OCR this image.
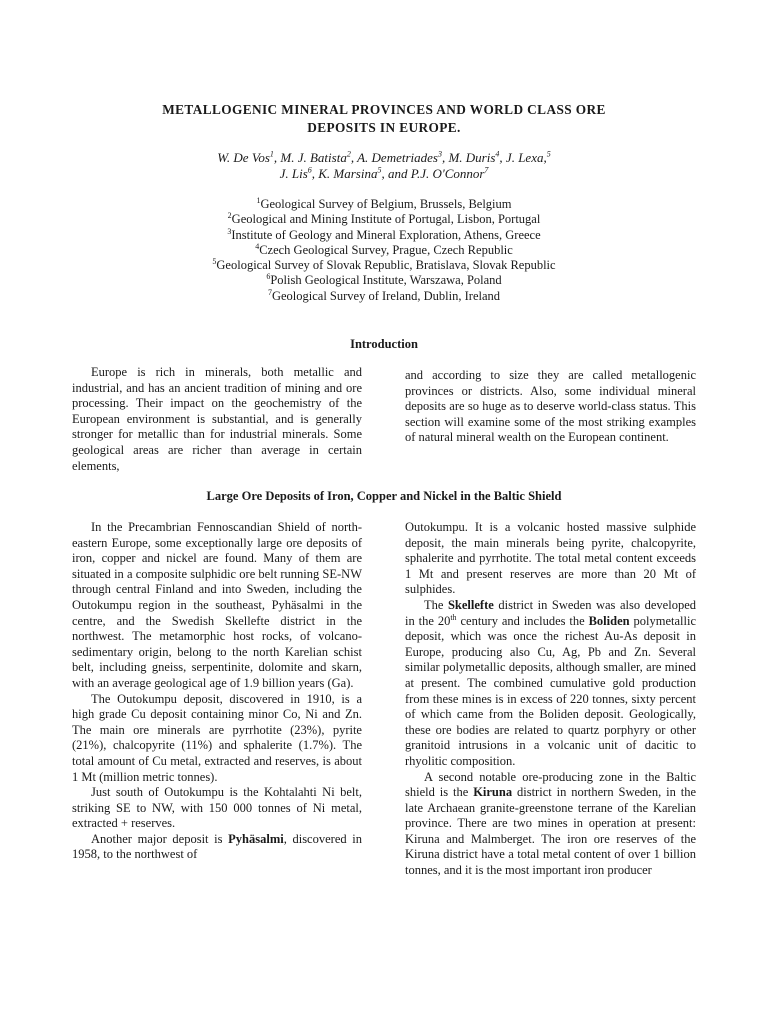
METALLOGENIC MINERAL PROVINCES AND WORLD CLASS ORE
DEPOSITS IN EUROPE.
W. De Vos$^1$, M. J. Batista$^2$, A. Demetriades$^3$, M. Duris$^4$, J. Lexa,$^5$
J. Lis$^6$, K. Marsina$^5$, and P.J. O'Connor$^7$
$^1$Geological Survey of Belgium, Brussels, Belgium
$^2$Geological and Mining Institute of Portugal, Lisbon, Portugal
$^3$Institute of Geology and Mineral Exploration, Athens, Greece
$^4$Czech Geological Survey, Prague, Czech Republic
$^5$Geological Survey of Slovak Republic, Bratislava, Slovak Republic
$^6$Polish Geological Institute, Warszawa, Poland
$^7$Geological Survey of Ireland, Dublin, Ireland
Introduction

Europe is rich in minerals, both metallic and industrial, and has an ancient tradition of mining and ore processing. Their impact on the geochemistry of the European environment is substantial, and is generally stronger for metallic than for industrial minerals. Some geological areas are richer than average in certain elements,

and according to size they are called metallogenic provinces or districts. Also, some individual mineral deposits are so huge as to deserve world-class status. This section will examine some of the most striking examples of natural mineral wealth on the European continent.

Large Ore Deposits of Iron, Copper and Nickel in the Baltic Shield

In the Precambrian Fennoscandian Shield of north-eastern Europe, some exceptionally large ore deposits of iron, copper and nickel are found. Many of them are situated in a composite sulphidic ore belt running SE-NW through central Finland and into Sweden, including the Outokumpu region in the southeast, Pyhäsalmi in the centre, and the Swedish Skellefte district in the northwest. The metamorphic host rocks, of volcano-sedimentary origin, belong to the north Karelian schist belt, including gneiss, serpentinite, dolomite and skarn, with an average geological age of 1.9 billion years (Ga).

The Outokumpu deposit, discovered in 1910, is a high grade Cu deposit containing minor Co, Ni and Zn. The main ore minerals are pyrrhotite (23%), pyrite (21%), chalcopyrite (11%) and sphalerite (1.7%). The total amount of Cu metal, extracted and reserves, is about 1 Mt (million metric tonnes).

Just south of Outokumpu is the Kohtalahti Ni belt, striking SE to NW, with 150 000 tonnes of Ni metal, extracted + reserves.

Another major deposit is Pyhäsalmi, discovered in 1958, to the northwest of

Outokumpu. It is a volcanic hosted massive sulphide deposit, the main minerals being pyrite, chalcopyrite, sphalerite and pyrrhotite. The total metal content exceeds 1 Mt and present reserves are more than 20 Mt of sulphides.

The Skellefte district in Sweden was also developed in the 20th century and includes the Boliden polymetallic deposit, which was once the richest Au-As deposit in Europe, producing also Cu, Ag, Pb and Zn. Several similar polymetallic deposits, although smaller, are mined at present. The combined cumulative gold production from these mines is in excess of 220 tonnes, sixty percent of which came from the Boliden deposit. Geologically, these ore bodies are related to quartz porphyry or other granitoid intrusions in a volcanic unit of dacitic to rhyolitic composition.

A second notable ore-producing zone in the Baltic shield is the Kiruna district in northern Sweden, in the late Archaean granite-greenstone terrane of the Karelian province. There are two mines in operation at present: Kiruna and Malmberget. The iron ore reserves of the Kiruna district have a total metal content of over 1 billion tonnes, and it is the most important iron producer
